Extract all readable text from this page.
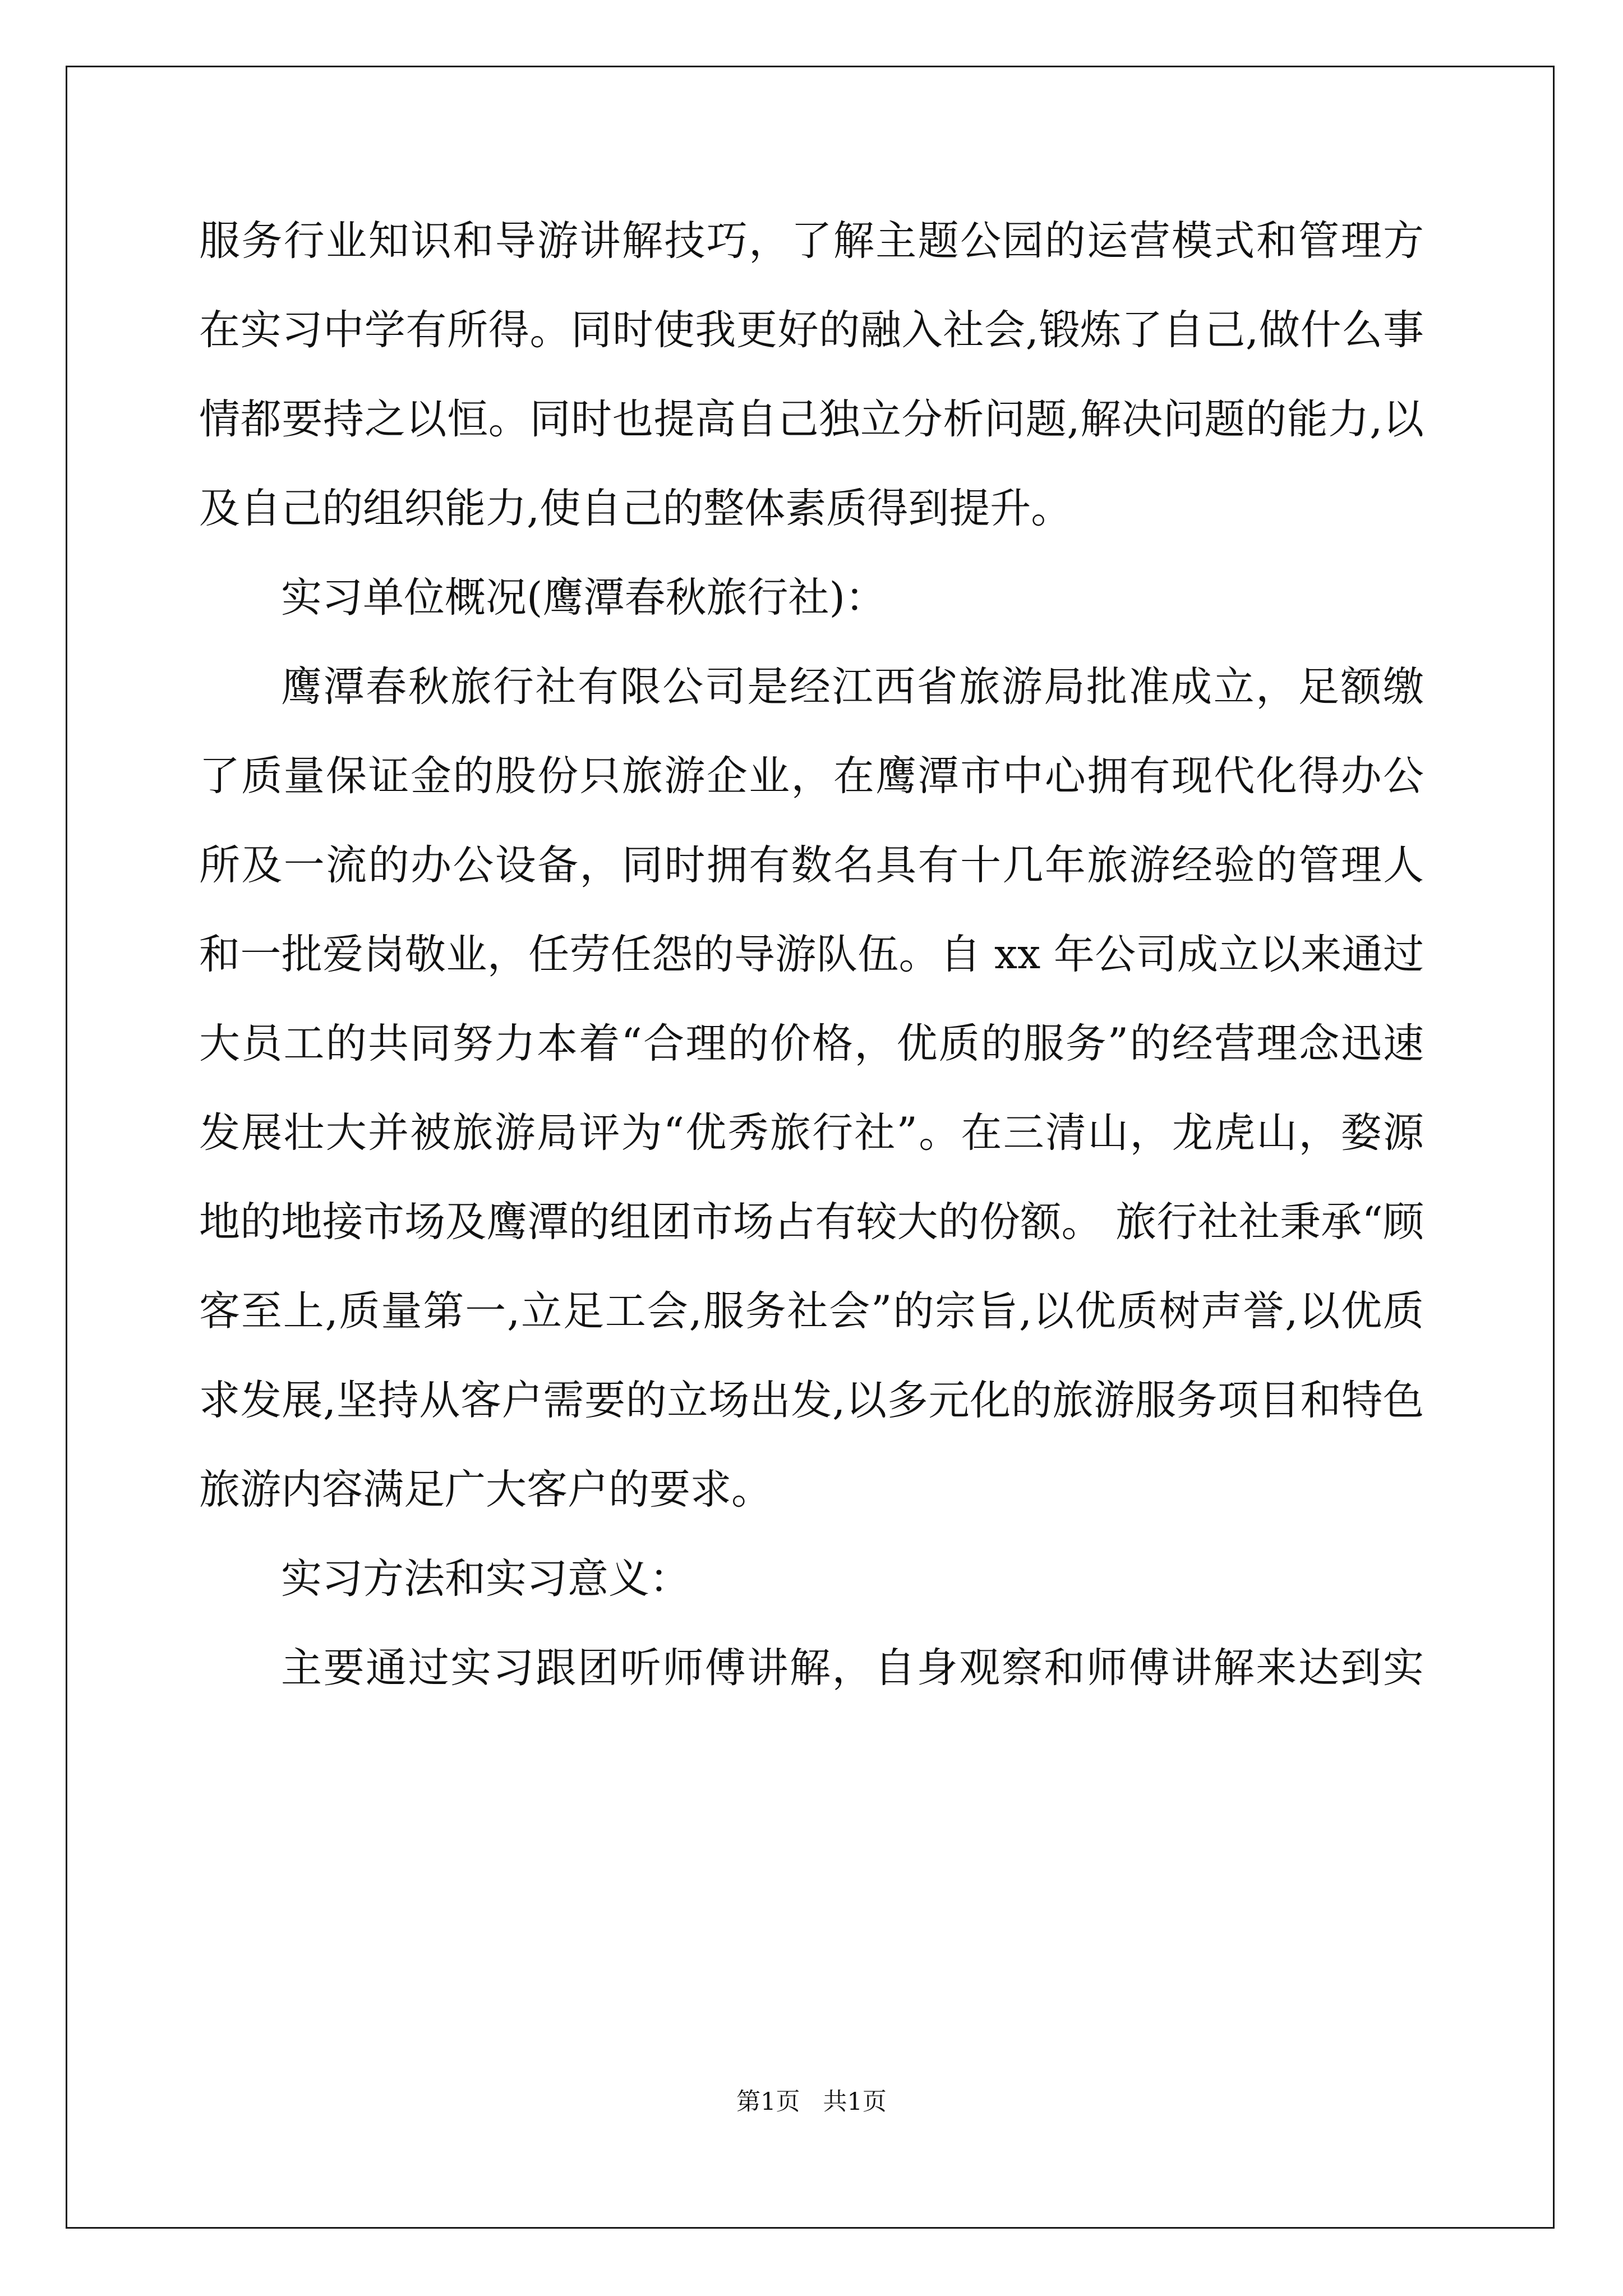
服务行业知识和导游讲解技巧，了解主题公园的运营模式和管理方
在实习中学有所得。同时使我更好的融入社会,锻炼了自己,做什么事
情都要持之以恒。同时也提高自己独立分析问题,解决问题的能力,以
及自己的组织能力,使自己的整体素质得到提升。
实习单位概况(鹰潭春秋旅行社)：
鹰潭春秋旅行社有限公司是经江西省旅游局批准成立，足额缴
了质量保证金的股份只旅游企业，在鹰潭市中心拥有现代化得办公
所及一流的办公设备，同时拥有数名具有十几年旅游经验的管理人
和一批爱岗敬业，任劳任怨的导游队伍。自 xx 年公司成立以来通过
大员工的共同努力本着“合理的价格，优质的服务”的经营理念迅速
发展壮大并被旅游局评为“优秀旅行社”。在三清山，龙虎山，婺源
地的地接市场及鹰潭的组团市场占有较大的份额。 旅行社社秉承“顾
客至上,质量第一,立足工会,服务社会”的宗旨,以优质树声誉,以优质
求发展,坚持从客户需要的立场出发,以多元化的旅游服务项目和特色
旅游内容满足广大客户的要求。
实习方法和实习意义：
主要通过实习跟团听师傅讲解，自身观察和师傅讲解来达到实
第1页   共1页
